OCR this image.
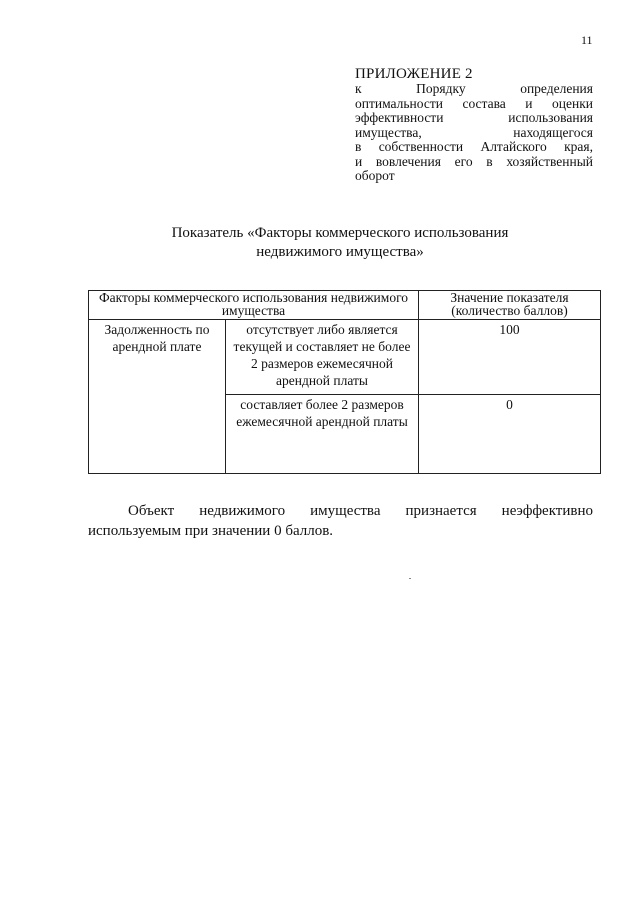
11
ПРИЛОЖЕНИЕ 2
к Порядку определения
оптимальности состава и оценки
эффективности использования
имущества, находящегося
в собственности Алтайского края,
и вовлечения его в хозяйственный
оборот
Показатель «Факторы коммерческого использования
недвижимого имущества»
Факторы коммерческого использования недвижимого имущества		Значение показателя (количество баллов)
Задолженность по арендной плате	отсутствует либо является текущей и составляет не более 2 размеров ежемесячной арендной платы	100
	составляет более 2 размеров ежемесячной арендной платы	0
Объект недвижимого имущества признается неэффективно
используемым при значении 0 баллов.
